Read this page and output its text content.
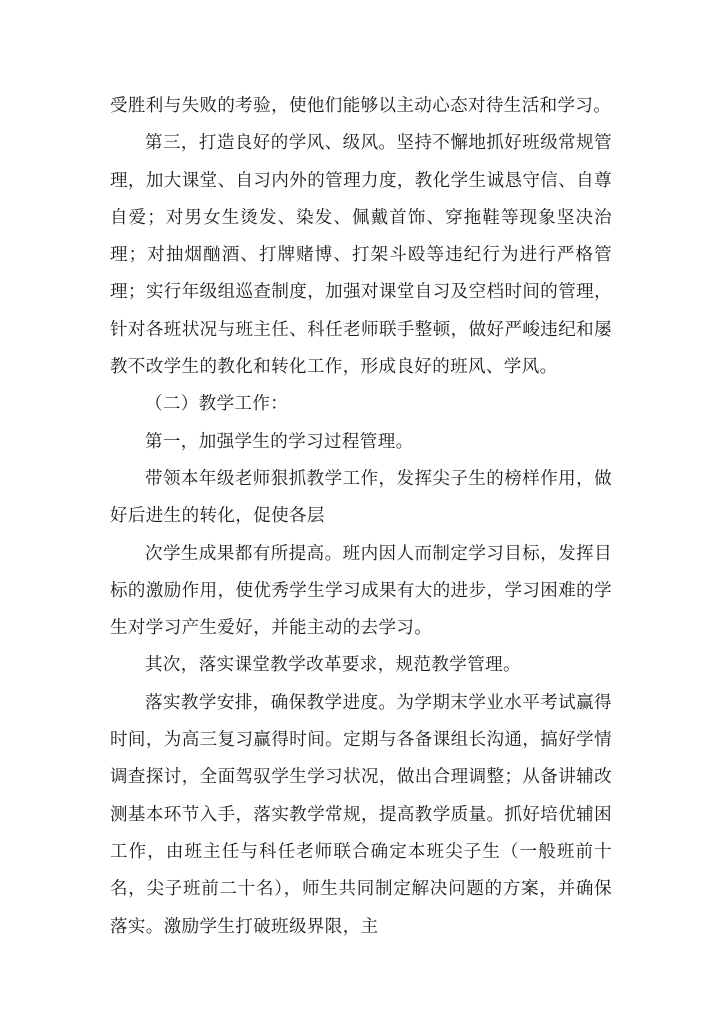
受胜利与失败的考验，使他们能够以主动心态对待生活和学习。

第三，打造良好的学风、级风。坚持不懈地抓好班级常规管理，加大课堂、自习内外的管理力度，教化学生诚恳守信、自尊自爱；对男女生烫发、染发、佩戴首饰、穿拖鞋等现象坚决治理；对抽烟酗酒、打牌赌博、打架斗殴等违纪行为进行严格管理；实行年级组巡查制度，加强对课堂自习及空档时间的管理，针对各班状况与班主任、科任老师联手整顿，做好严峻违纪和屡教不改学生的教化和转化工作，形成良好的班风、学风。

（二）教学工作：

第一，加强学生的学习过程管理。

带领本年级老师狠抓教学工作，发挥尖子生的榜样作用，做好后进生的转化，促使各层

次学生成果都有所提高。班内因人而制定学习目标，发挥目标的激励作用，使优秀学生学习成果有大的进步，学习困难的学生对学习产生爱好，并能主动的去学习。

其次，落实课堂教学改革要求，规范教学管理。

落实教学安排，确保教学进度。为学期末学业水平考试赢得时间，为高三复习赢得时间。定期与各备课组长沟通，搞好学情调查探讨，全面驾驭学生学习状况，做出合理调整；从备讲辅改测基本环节入手，落实教学常规，提高教学质量。抓好培优辅困工作，由班主任与科任老师联合确定本班尖子生（一般班前十名，尖子班前二十名），师生共同制定解决问题的方案，并确保落实。激励学生打破班级界限，主
